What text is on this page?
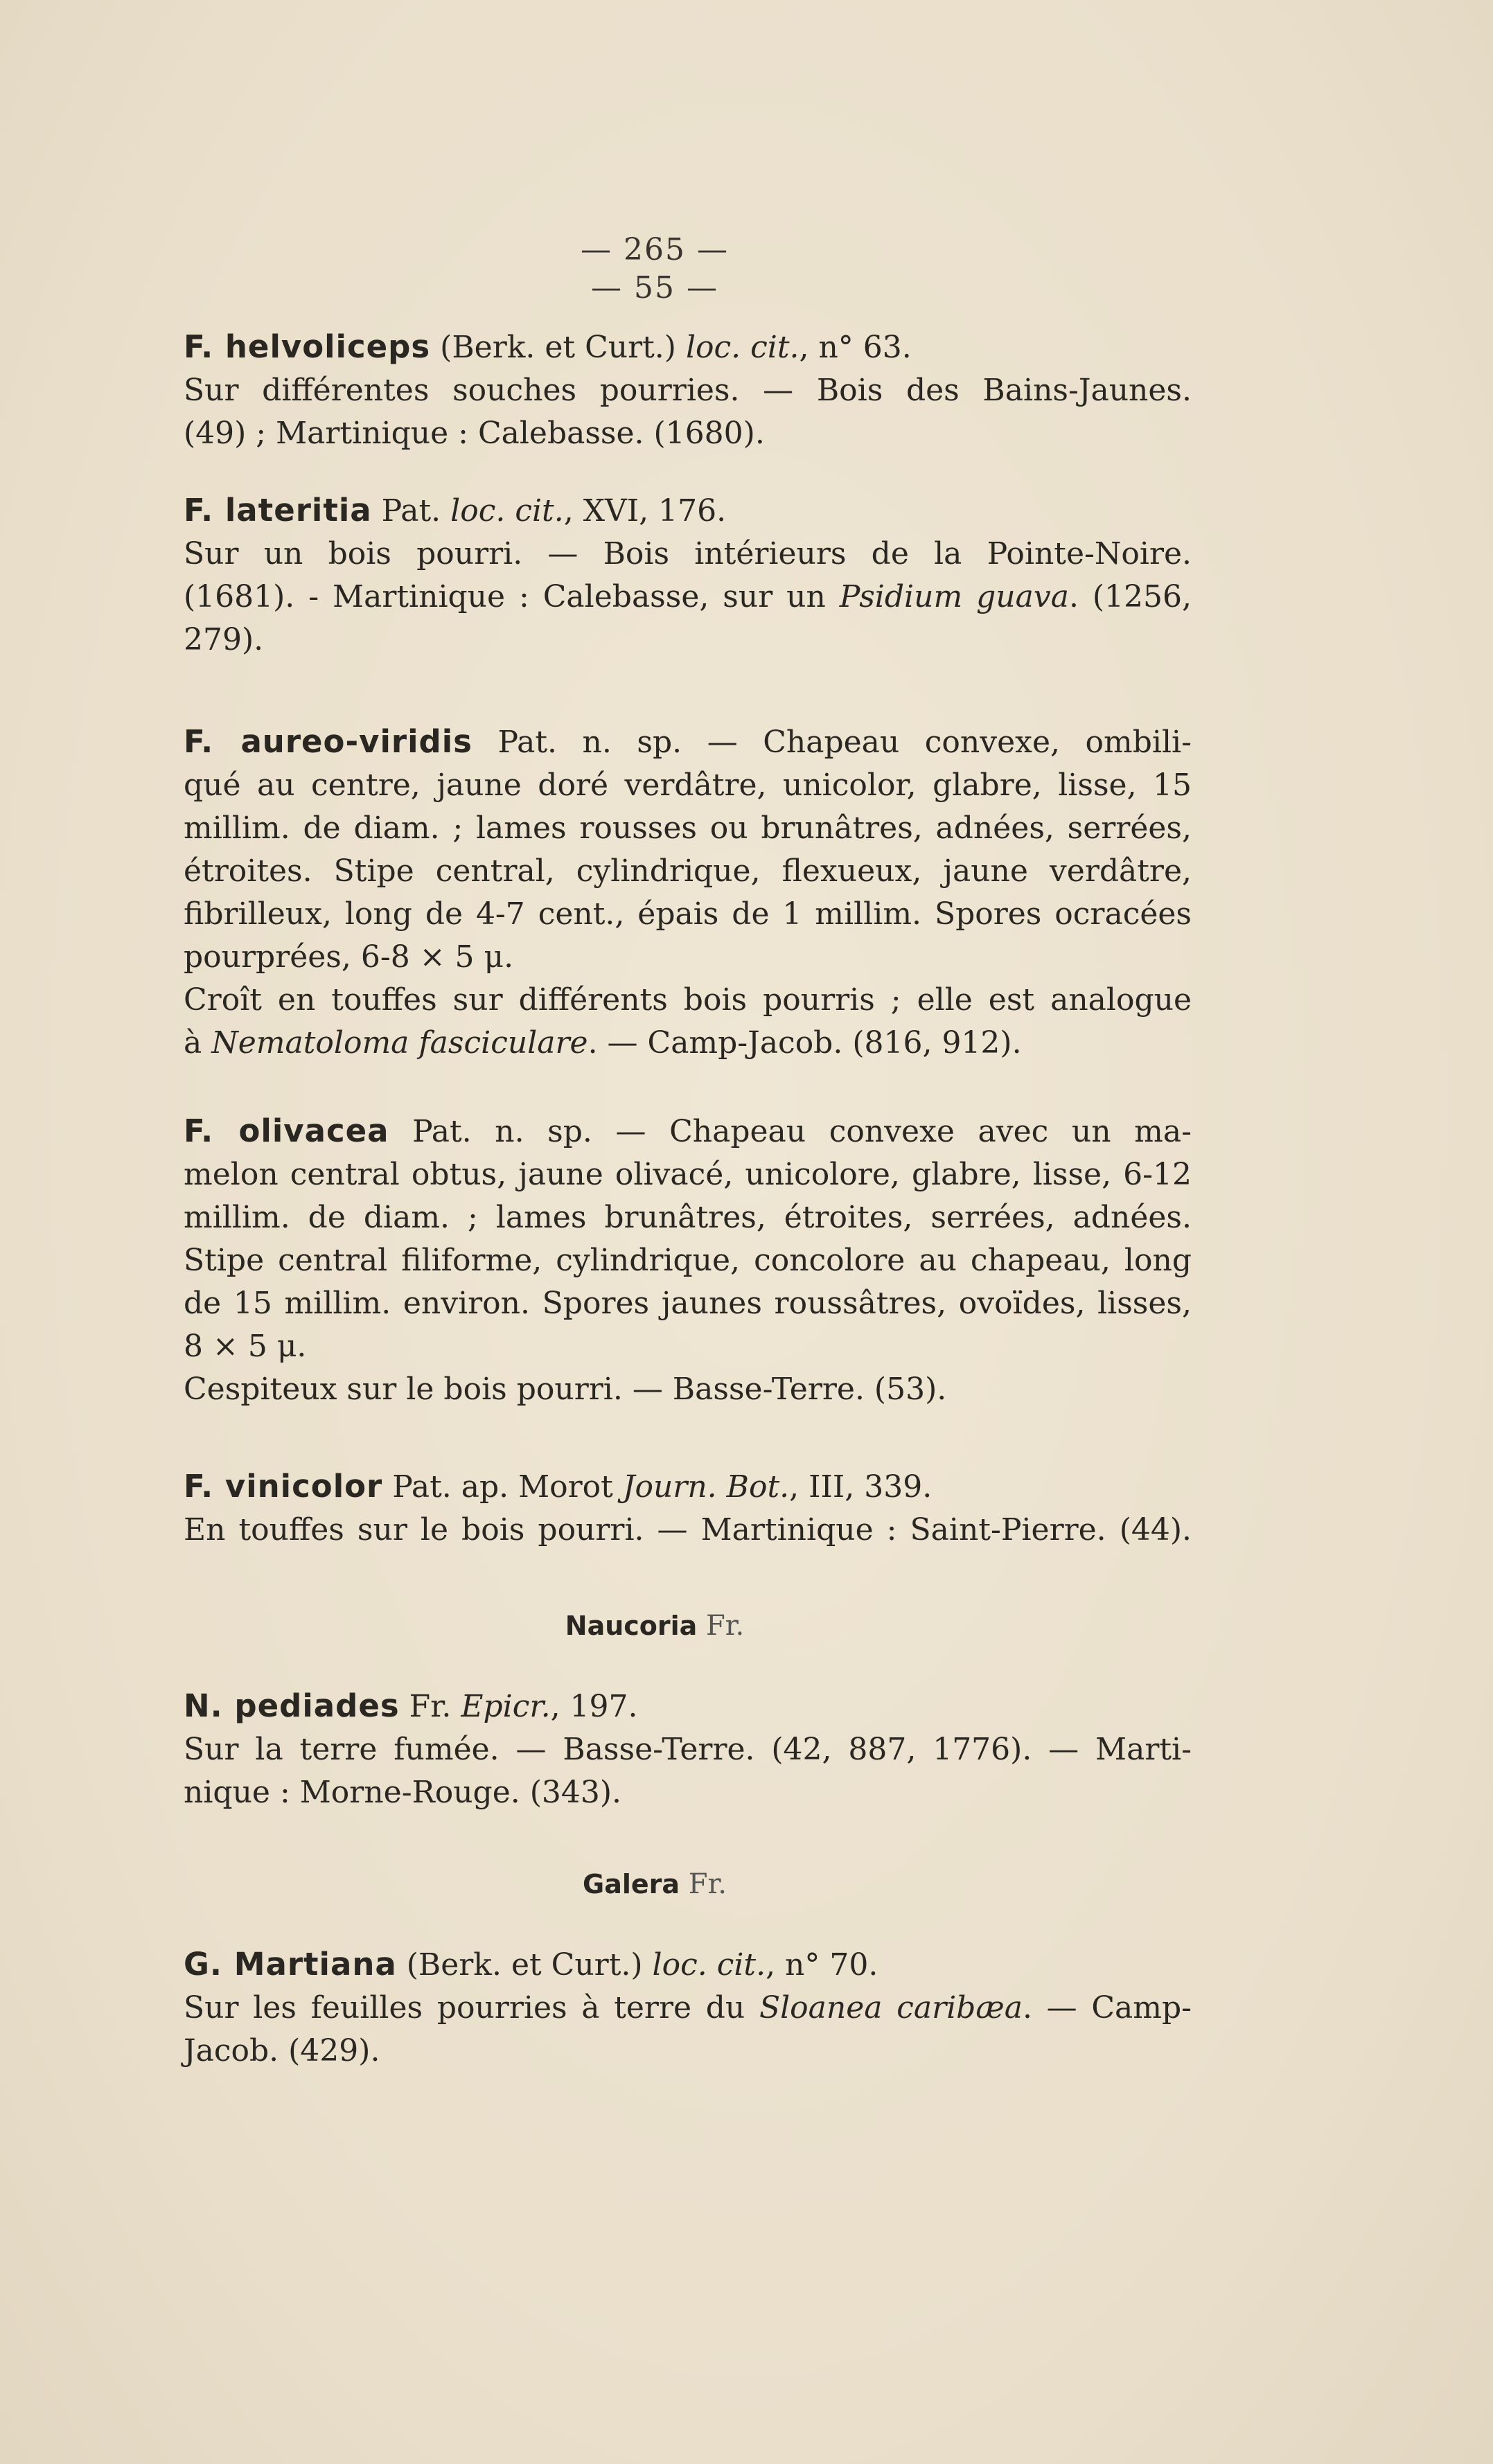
— 265 —
— 55 —
F. helvoliceps (Berk. et Curt.) loc. cit., n° 63.
Sur différentes souches pourries. — Bois des Bains-Jaunes.
(49) ; Martinique : Calebasse. (1680).
F. lateritia Pat. loc. cit., XVI, 176.
Sur un bois pourri. — Bois intérieurs de la Pointe-Noire.
(1681). - Martinique : Calebasse, sur un Psidium guava. (1256,
279).
F. aureo-viridis Pat. n. sp. — Chapeau convexe, ombili-
qué au centre, jaune doré verdâtre, unicolor, glabre, lisse, 15
millim. de diam. ; lames rousses ou brunâtres, adnées, serrées,
étroites. Stipe central, cylindrique, flexueux, jaune verdâtre,
fibrilleux, long de 4-7 cent., épais de 1 millim. Spores ocracées
pourprées, 6-8 × 5 μ.
Croît en touffes sur différents bois pourris ; elle est analogue
à Nematoloma fasciculare. — Camp-Jacob. (816, 912).
F. olivacea Pat. n. sp. — Chapeau convexe avec un ma-
melon central obtus, jaune olivacé, unicolore, glabre, lisse, 6-12
millim. de diam. ; lames brunâtres, étroites, serrées, adnées.
Stipe central filiforme, cylindrique, concolore au chapeau, long
de 15 millim. environ. Spores jaunes roussâtres, ovoïdes, lisses,
8 × 5 μ.
Cespiteux sur le bois pourri. — Basse-Terre. (53).
F. vinicolor Pat. ap. Morot Journ. Bot., III, 339.
En touffes sur le bois pourri. — Martinique : Saint-Pierre. (44).
Naucoria Fr.
N. pediades Fr. Epicr., 197.
Sur la terre fumée. — Basse-Terre. (42, 887, 1776). — Marti-
nique : Morne-Rouge. (343).
Galera Fr.
G. Martiana (Berk. et Curt.) loc. cit., n° 70.
Sur les feuilles pourries à terre du Sloanea caribæa. — Camp-
Jacob. (429).
